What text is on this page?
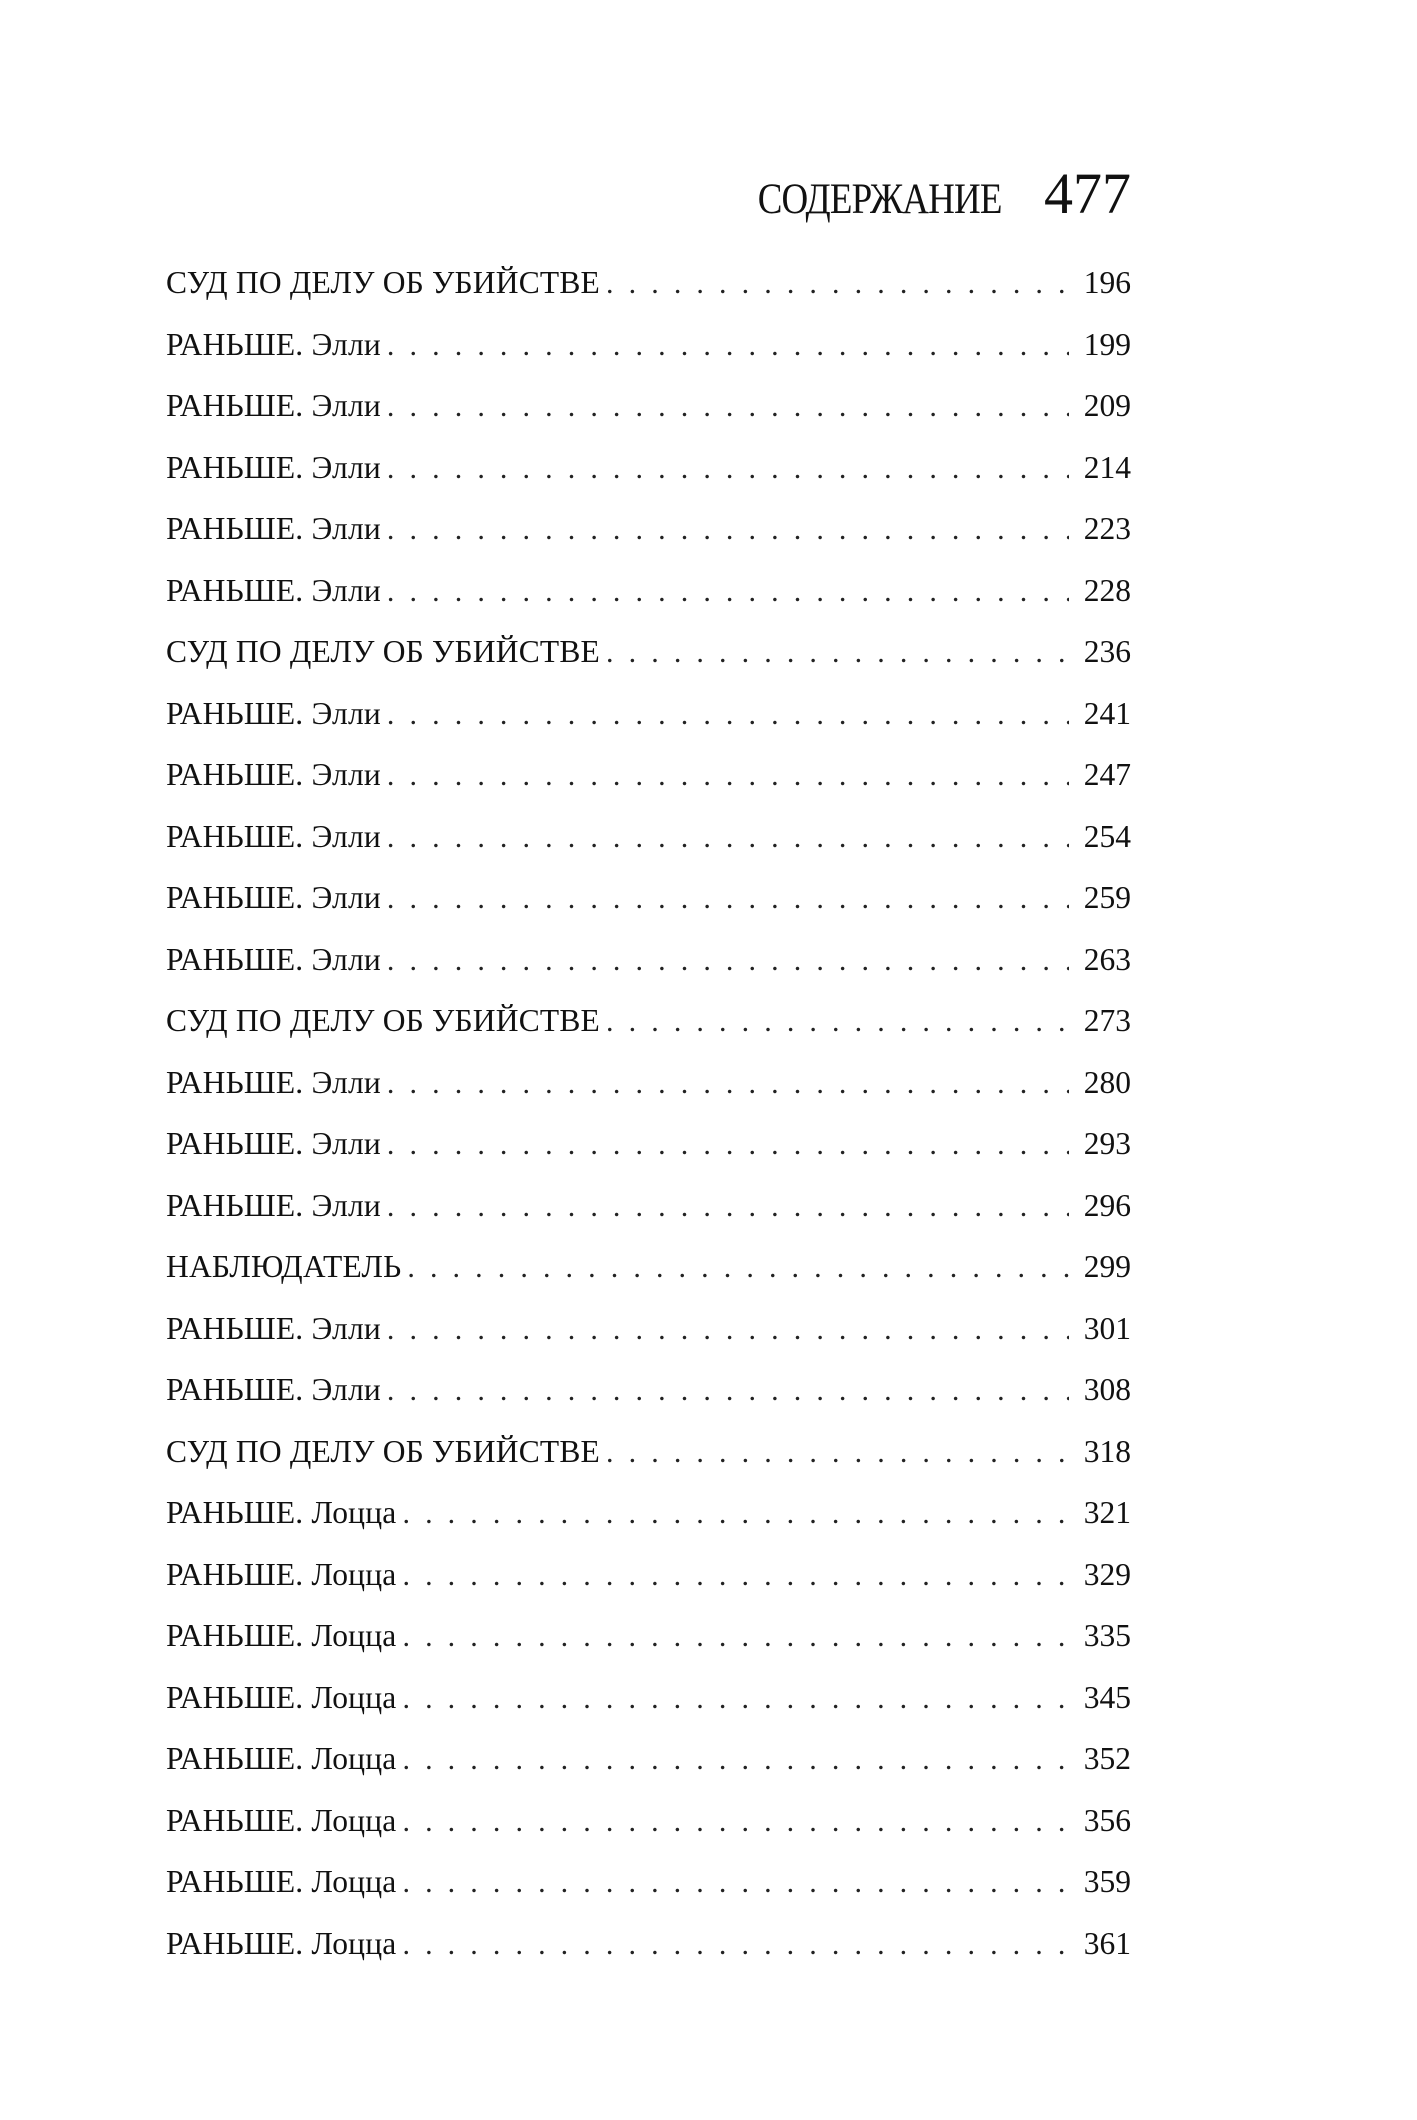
СОДЕРЖАНИЕ 477
СУД ПО ДЕЛУ ОБ УБИЙСТВЕ . . .	196
РАНЬШЕ. Элли . . .	199
РАНЬШЕ. Элли . . .	209
РАНЬШЕ. Элли . . .	214
РАНЬШЕ. Элли . . .	223
РАНЬШЕ. Элли . . .	228
СУД ПО ДЕЛУ ОБ УБИЙСТВЕ . . .	236
РАНЬШЕ. Элли . . .	241
РАНЬШЕ. Элли . . .	247
РАНЬШЕ. Элли . . .	254
РАНЬШЕ. Элли . . .	259
РАНЬШЕ. Элли . . .	263
СУД ПО ДЕЛУ ОБ УБИЙСТВЕ . . .	273
РАНЬШЕ. Элли . . .	280
РАНЬШЕ. Элли . . .	293
РАНЬШЕ. Элли . . .	296
НАБЛЮДАТЕЛЬ . . .	299
РАНЬШЕ. Элли . . .	301
РАНЬШЕ. Элли . . .	308
СУД ПО ДЕЛУ ОБ УБИЙСТВЕ . . .	318
РАНЬШЕ. Лоцца . . .	321
РАНЬШЕ. Лоцца . . .	329
РАНЬШЕ. Лоцца . . .	335
РАНЬШЕ. Лоцца . . .	345
РАНЬШЕ. Лоцца . . .	352
РАНЬШЕ. Лоцца . . .	356
РАНЬШЕ. Лоцца . . .	359
РАНЬШЕ. Лоцца . . .	361
